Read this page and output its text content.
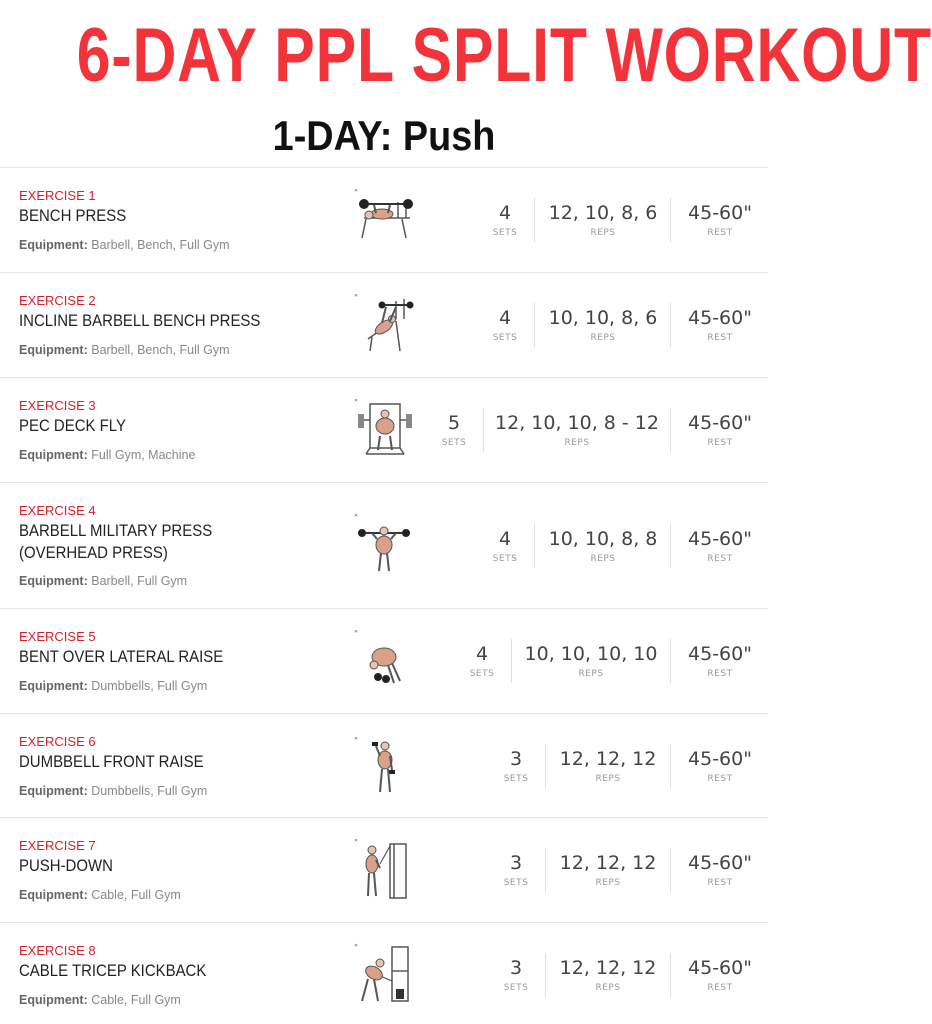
6-DAY PPL SPLIT WORKOUT
1-DAY: Push
EXERCISE 1
BENCH PRESS
Equipment: Barbell, Bench, Full Gym
✕
4
SETS
12, 10, 8, 6
REPS
45-60"
REST
EXERCISE 2
INCLINE BARBELL BENCH PRESS
Equipment: Barbell, Bench, Full Gym
✕
4
SETS
10, 10, 8, 6
REPS
45-60"
REST
EXERCISE 3
PEC DECK FLY
Equipment: Full Gym, Machine
✕
5
SETS
12, 10, 10, 8 - 12
REPS
45-60"
REST
EXERCISE 4
BARBELL MILITARY PRESS
(OVERHEAD PRESS)
Equipment: Barbell, Full Gym
✕
4
SETS
10, 10, 8, 8
REPS
45-60"
REST
EXERCISE 5
BENT OVER LATERAL RAISE
Equipment: Dumbbells, Full Gym
✕
4
SETS
10, 10, 10, 10
REPS
45-60"
REST
EXERCISE 6
DUMBBELL FRONT RAISE
Equipment: Dumbbells, Full Gym
✕
3
SETS
12, 12, 12
REPS
45-60"
REST
EXERCISE 7
PUSH-DOWN
Equipment: Cable, Full Gym
✕
3
SETS
12, 12, 12
REPS
45-60"
REST
EXERCISE 8
CABLE TRICEP KICKBACK
Equipment: Cable, Full Gym
✕
3
SETS
12, 12, 12
REPS
45-60"
REST
